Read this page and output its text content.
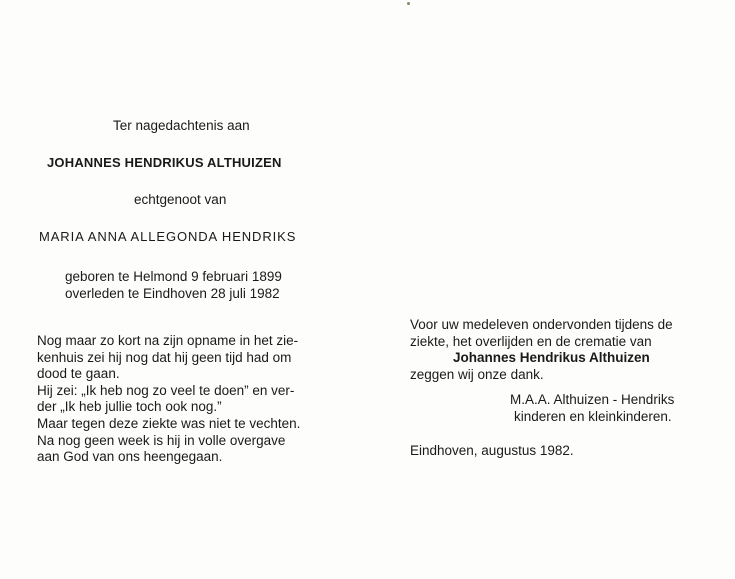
Ter nagedachtenis aan
JOHANNES HENDRIKUS ALTHUIZEN
echtgenoot van
MARIA ANNA ALLEGONDA HENDRIKS
geboren te Helmond 9 februari 1899
overleden te Eindhoven 28 juli 1982
Nog maar zo kort na zijn opname in het zie-
kenhuis zei hij nog dat hij geen tijd had om
dood te gaan.
Hij zei: „Ik heb nog zo veel te doen” en ver-
der „Ik heb jullie toch ook nog.”
Maar tegen deze ziekte was niet te vechten.
Na nog geen week is hij in volle overgave
aan God van ons heengegaan.
Voor uw medeleven ondervonden tijdens de
ziekte, het overlijden en de crematie van
Johannes Hendrikus Althuizen
zeggen wij onze dank.
M.A.A. Althuizen - Hendriks
kinderen en kleinkinderen.
Eindhoven, augustus 1982.
